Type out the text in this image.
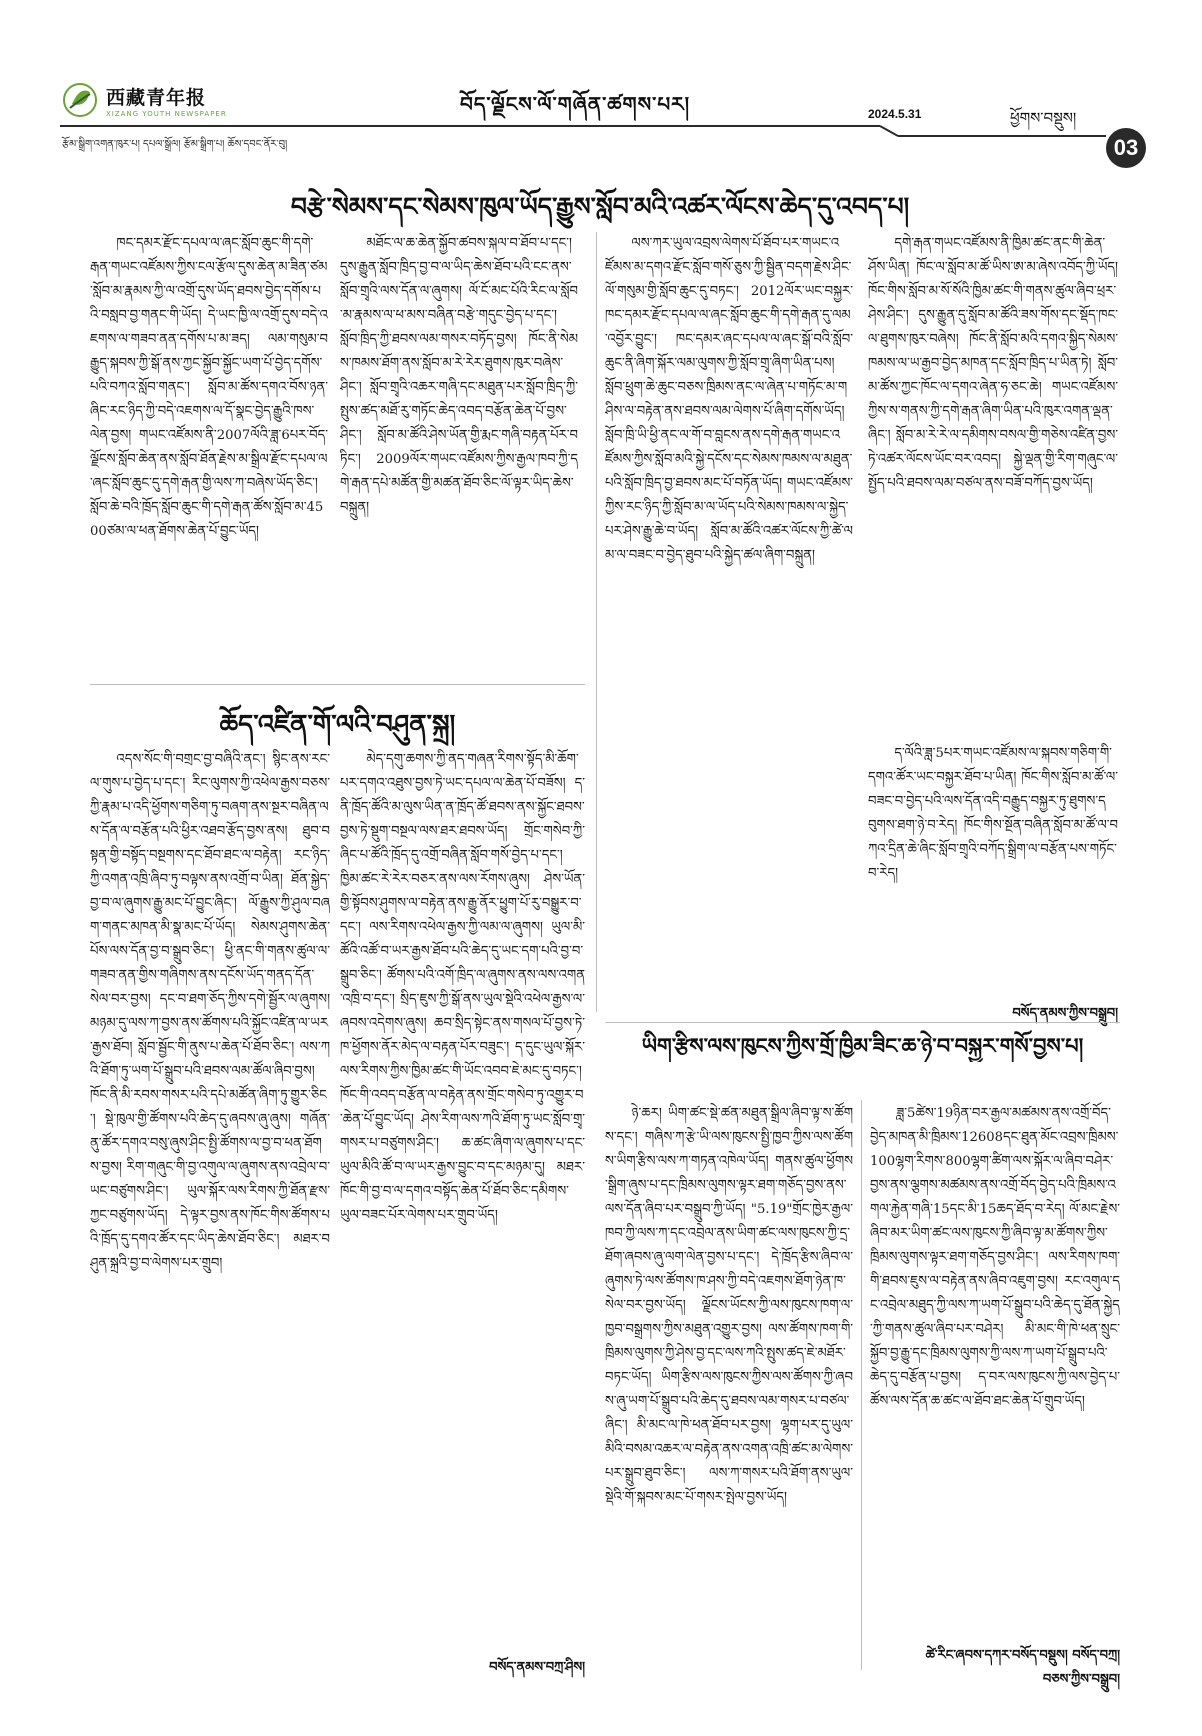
西藏青年报
XIZANG YOUTH NEWSPAPER	བོད་ལྗོངས་ལོ་གཞོན་ཚགས་པར།	2024.5.31	ཕྱོགས་བསྡུས།
03
རྩོམ་སྒྲིག་འགན་ཁུར་པ། དཔལ་སྒྲོལ། རྩོམ་སྒྲིག་པ། ཆོས་དབང་ནོར་བུ།
བརྩེ་སེམས་དང་སེམས་ཁུལ་ཡོད་རྒྱུས་སློབ་མའི་འཚར་ལོངས་ཆེད་དུ་འབད་པ།

ཁང་དམར་རྫོང་དཔལ་ལ་ཞང་སློབ་ཆུང་གི་དགེ་རྒན་གཡང་འཛོམས་ཀྱིས་ངལ་རྩོལ་དུས་ཆེན་མ་ཟིན་ཙམ་སློབ་མ་རྣམས་ཀྱི་ལ་འགྲོ་དུས་ཡོད་ཐབས་བྱེད་དགོས་པའི་བསླབ་བྱ་གནང་གི་ཡོད། དེ་ཡང་ཁྱི་ལ་འགྲོ་དུས་བདེ་འཇགས་ལ་གཟབ་ནན་དགོས་པ་མ་ཟད། ལམ་གསུམ་བརྒྱུད་སྐབས་ཀྱི་སྒོ་ནས་ཀྱང་སྐྱོབ་སྐྱོང་ཡག་པོ་བྱེད་དགོས་པའི་བཀའ་སློབ་གནང་། སློབ་མ་ཚོས་དགའ་བོས་ཉན་ཞིང་རང་ཉིད་ཀྱི་བདེ་འཇགས་ལ་དོ་སྣང་བྱེད་རྒྱུའི་ཁས་ལེན་བྱས། གཡང་འཛོམས་ནི་2007ལོའི་ཟླ་6པར་བོད་ལྗོངས་སློབ་ཆེན་ནས་སློབ་ཐོན་རྗེས་མ་སྒྲིལ་རྫོང་དཔལ་ལ་ཞང་སློབ་ཆུང་དུ་དགེ་རྒན་གྱི་ལས་ཀ་བཞེས་ཡོད་ཅིང་། སློབ་ཆེ་བའི་ཁྲོད་སློབ་ཆུང་གི་དགེ་རྒན་ཚོས་སློབ་མ་4500ཙམ་ལ་ཕན་ཐོགས་ཆེན་པོ་བྱུང་ཡོད།

མཐོང་ལ་ཆ་ཆེན་སྐྱོབ་ཚབས་སྐལ་བ་ཐོབ་པ་དང་། དུས་རྒྱུན་སློབ་ཁྲིད་བྱ་བ་ལ་ཡིད་ཆེས་ཐོབ་པའི་ངང་ནས་སློབ་གྲྭའི་ལས་དོན་ལ་ཞུགས། ལོ་ངོ་མང་པོའི་རིང་ལ་སློབ་མ་རྣམས་ལ་ཕ་མས་བཞིན་བརྩེ་གདུང་བྱེད་པ་དང་། སློབ་ཁྲིད་ཀྱི་ཐབས་ལམ་གསར་བཏོད་བྱས། ཁོང་ནི་སེམས་ཁམས་ཐོག་ནས་སློབ་མ་རེ་རེར་ཐུགས་ཁུར་བཞེས་ཤིང་། སློབ་གྲྭའི་འཆར་གཞི་དང་མཐུན་པར་སློབ་ཁྲིད་ཀྱི་སྤུས་ཚད་མཐོ་རུ་གཏོང་ཆེད་འབད་བརྩོན་ཆེན་པོ་བྱས་ཤིང་། སློབ་མ་ཚོའི་ཤེས་ཡོན་གྱི་རྨང་གཞི་བརྟན་པོར་བཏིང་། 2009ལོར་གཡང་འཛོམས་ཀྱིས་རྒྱལ་ཁབ་ཀྱི་དགེ་རྒན་དཔེ་མཚོན་གྱི་མཚན་ཐོབ་ཅིང་ལོ་ལྟར་ཡིད་ཆེས་བསྐྲུན།

ལས་ཀར་ཡུལ་འབྲས་ལེགས་པོ་ཐོབ་པར་གཡང་འཛོམས་མ་དགའ་རྫོང་སློབ་གསོ་ཅུས་ཀྱི་སྦྱིན་བདག་རྗེས་ཤིང་ལོ་གསུམ་གྱི་སློབ་ཆུང་དུ་བཏང་། 2012ལོར་ཡང་བསྐྱར་ཁང་དམར་རྫོང་དཔལ་ལ་ཞང་སློབ་ཆུང་གི་དགེ་རྒན་དུ་ལམ་འབྱོར་བྱུང་། ཁང་དམར་ཞང་དཔལ་ལ་ཞང་སྒོ་བའི་སློབ་ཆུང་ནི་ཞིག་སྐོར་ལམ་ལུགས་ཀྱི་སློབ་གྲྭ་ཞིག་ཡིན་པས། སློབ་ཕྲུག་ཆེ་ཆུང་བཅས་ཁྲིམས་ནང་ལ་ཞེན་པ་གཏོང་མ་གཤིས་ལ་བརྟེན་ནས་ཐབས་ལམ་ལེགས་པོ་ཞིག་དགོས་ཡོད། སློབ་ཁྲི་ཡི་ཕྱི་ནང་ལ་གོ་བ་བླངས་ནས་དགེ་རྒན་གཡང་འཛོམས་ཀྱིས་སློབ་མའི་སྐྱེ་དངོས་དང་སེམས་ཁམས་ལ་མཐུན་པའི་སློབ་ཁྲིད་བྱ་ཐབས་མང་པོ་བཏོན་ཡོད། གཡང་འཛོམས་ཀྱིས་རང་ཉིད་ཀྱི་སློབ་མ་ལ་ཡོད་པའི་སེམས་ཁམས་ལ་སྐྱེད་པར་ཤེས་རྒྱུ་ཆེ་བ་ཡོད། སློབ་མ་ཚོའི་འཚར་ལོངས་ཀྱི་ཚེ་ལམ་ལ་བཟང་བ་བྱེད་ཐུབ་པའི་སྐྱེད་ཚལ་ཞིག་བསྐྲུན།

དགེ་རྒན་གཡང་འཛོམས་ནི་ཁྱིམ་ཚང་ནང་གི་ཆེན་ཤོས་ཡིན། ཁོང་ལ་སློབ་མ་ཚོ་ཡིས་ཨ་མ་ཞེས་འབོད་ཀྱི་ཡོད། ཁོང་གིས་སློབ་མ་སོ་སོའི་ཁྱིམ་ཚང་གི་གནས་ཚུལ་ཞིབ་ཕྲར་ཤེས་ཤིང་། དུས་རྒྱུན་དུ་སློབ་མ་ཚོའི་ཟས་གོས་དང་སྡོད་ཁང་ལ་ཐུགས་ཁུར་བཞེས། ཁོང་ནི་སློབ་མའི་དགའ་སྐྱིད་སེམས་ཁམས་ལ་ཡ་རྒྱབ་བྱེད་མཁན་དང་སློབ་ཁྲིད་པ་ཡིན་ཏེ། སློབ་མ་ཚོས་ཀྱང་ཁོང་ལ་དགའ་ཞེན་ཧ་ཅང་ཆེ། གཡང་འཛོམས་ཀྱིས་ས་གནས་ཀྱི་དགེ་རྒན་ཞིག་ཡིན་པའི་ཁུར་འགན་ལྡན་ཞིང་། སློབ་མ་རེ་རེ་ལ་དམིགས་བསལ་གྱི་གཅེས་འཛིན་བྱས་ཏེ་འཚར་ལོངས་ཡོང་བར་འབད། སྐྱེ་ལྡན་གྱི་རིག་གཞུང་ལ་སྤྱོད་པའི་ཐབས་ལམ་བཙལ་ནས་བཟོ་བཀོད་བྱས་ཡོད།

ད་ལོའི་ཟླ་5པར་གཡང་འཛོམས་ལ་སྐབས་གཅིག་གི་དགའ་ཚོར་ཡང་བསྐྱར་ཐོབ་པ་ཡིན། ཁོང་གིས་སློབ་མ་ཚོ་ལ་བཟང་བ་བྱེད་པའི་ལས་དོན་འདི་བརྒྱུད་བསྐྱར་ཏུ་ཐུགས་དབུགས་ཐག་ཉེ་བ་རེད། ཁོང་གིས་སྔོན་བཞིན་སློབ་མ་ཚོ་ལ་བཀའ་དྲིན་ཆེ་ཞིང་སློབ་གྲྭའི་བཀོད་སྒྲིག་ལ་བརྩོན་པས་གཏོང་བ་རེད།

བསོད་ནམས་ཀྱིས་བསྒྲུབ།
ཆོད་འཛིན་གོ་ལའི་བཤུན་སྐྲ།

འདས་སོང་གི་བགྲང་བྱ་བཞིའི་ནང་། སྙིང་ནས་རང་ལ་གུས་པ་བྱེད་པ་དང་། རིང་ལུགས་ཀྱི་འཕེལ་རྒྱས་བཅས་ཀྱི་རྣམ་པ་འདི་ཕྱོགས་གཅིག་ཏུ་བཞག་ནས་སྔར་བཞིན་ལས་དོན་ལ་བརྩོན་པའི་ཕྱིར་འཐབ་རྩོད་བྱས་ནས། ཐུབ་བསྟན་གྱི་བསྟོད་བསྔགས་དང་ཐོབ་ཐང་ལ་བརྟེན། རང་ཉིད་ཀྱི་འགན་འཁྲི་ཞིབ་ཏུ་བལྟས་ནས་འགྲོ་བ་ཡིན། ཐོན་སྐྱེད་བྱ་བ་ལ་ཞུགས་རྒྱུ་མང་པོ་བྱུང་ཞིང་། ལོ་རྒྱུས་ཀྱི་ཤུལ་བཞག་གནང་མཁན་མི་སྣ་མང་པོ་ཡོད། སེམས་ཤུགས་ཆེན་པོས་ལས་དོན་བྱ་བ་སྒྲུབ་ཅིང་། ཕྱི་ནང་གི་གནས་ཚུལ་ལ་གཟབ་ནན་གྱིས་གཞིགས་ནས་དངོས་ཡོད་གནད་དོན་སེལ་བར་བྱས། དང་བ་ཐག་ཅོད་ཀྱིས་དགེ་སྦྱོར་ལ་ཞུགས། མཉམ་དུ་ལས་ཀ་བྱས་ནས་ཚོགས་པའི་སྐྱོང་འཛིན་ལ་ཡར་རྒྱས་ཐོབ། སློབ་སྦྱོང་གི་ནུས་པ་ཆེན་པོ་ཐོབ་ཅིང་། ལས་ཀའི་ཐོག་ཏུ་ཡག་པོ་སྒྲུབ་པའི་ཐབས་ལམ་ཚོལ་ཞིབ་བྱས། ཁོང་ནི་མི་རབས་གསར་པའི་དཔེ་མཚོན་ཞིག་ཏུ་གྱུར་ཅིང་། སྡེ་ཁུལ་གྱི་ཚོགས་པའི་ཆེད་དུ་ཞབས་ཞུ་ཞུས། གཞོན་ནུ་ཚོར་དགའ་བསུ་ཞུས་ཤིང་སྤྱི་ཚོགས་ལ་བྱ་བ་ཕན་ཐོགས་བྱས། རིག་གཞུང་གི་བྱ་འགུལ་ལ་ཞུགས་ནས་འབྲེལ་བ་ཡང་བཙུགས་ཤིང་། ཡུལ་སྐོར་ལས་རིགས་ཀྱི་ཐོན་རྫས་ཀྱང་བཙུགས་ཡོད། དེ་ལྟར་བྱས་ནས་ཁོང་གིས་ཚོགས་པའི་ཁྲོད་དུ་དགའ་ཚོར་དང་ཡིད་ཆེས་ཐོབ་ཅིང་། མཐར་བཤུན་སྐྲའི་བྱ་བ་ལེགས་པར་གྲུབ།

མེད་དགུ་ཆགས་ཀྱི་ནད་གཞན་རིགས་སྟོད་མི་ཆོག་པར་དགའ་འཐུས་བྱས་ཏེ་ཡང་དཔལ་ལ་ཆེན་པོ་བཟོས། ད་ནི་ཁྲོད་ཚོའི་མ་ལུས་ཡིན་ན་ཁྲོད་ཚོ་ཐབས་ནས་སྐྱོང་ཐབས་བྱས་ཏེ་སྡུག་བསྔལ་ལས་ཐར་ཐབས་ཡོད། གྲོང་གསེབ་ཀྱི་ཞིང་པ་ཚོའི་ཁྲོད་དུ་འགྲོ་བཞིན་སློབ་གསོ་བྱེད་པ་དང་། ཁྱིམ་ཚང་རེ་རེར་བཅར་ནས་ལས་རོགས་ཞུས། ཤེས་ཡོན་གྱི་སྟོབས་ཤུགས་ལ་བརྟེན་ནས་རྒྱུ་ནོར་ཕྱུག་པོ་རུ་བསྒྱུར་བ་དང་། ལས་རིགས་འཕེལ་རྒྱས་ཀྱི་ལམ་ལ་ཞུགས། ཡུལ་མི་ཚོའི་འཚོ་བ་ཡར་རྒྱས་ཐོབ་པའི་ཆེད་དུ་ཡང་དག་པའི་བྱ་བ་སྒྲུབ་ཅིང་། ཚོགས་པའི་འགོ་ཁྲིད་ལ་ཞུགས་ནས་ལས་འགན་འཁྲི་བ་དང་། སྲིད་ཇུས་ཀྱི་སྒོ་ནས་ཡུལ་སྡེའི་འཕེལ་རྒྱས་ལ་ཞབས་འདེགས་ཞུས། ཆབ་སྲིད་སྟེང་ནས་གསལ་པོ་བྱས་ཏེ་ཁ་ཕྱོགས་ནོར་མེད་ལ་བརྟན་པོར་བཟུང་། ད་དུང་ཡུལ་སྐོར་ལས་རིགས་ཀྱིས་ཁྱིམ་ཚང་གི་ཡོང་འབབ་ཇེ་མང་དུ་བཏང་། ཁོང་གི་འབད་བརྩོན་ལ་བརྟེན་ནས་གྲོང་གསེབ་ཏུ་འགྱུར་བ་ཆེན་པོ་བྱུང་ཡོད། ཤེས་རིག་ལས་ཀའི་ཐོག་ཏུ་ཡང་སློབ་གྲྭ་གསར་པ་བཙུགས་ཤིང་། ཆ་ཚང་ཞིག་ལ་ཞུགས་པ་དང་ཡུལ་མིའི་ཚོ་བ་ལ་ཡར་རྒྱས་བྱུང་བ་དང་མཉམ་དུ། མཐར་ཁོང་གི་བྱ་བ་ལ་དགའ་བསྟོད་ཆེན་པོ་ཐོབ་ཅིང་དམིགས་ཡུལ་བཟང་པོར་ལེགས་པར་གྲུབ་ཡོད།

བསོད་ནམས་བཀྲ་ཤིས།
ཡིག་རྩིས་ལས་ཁུངས་ཀྱིས་གྲོ་ཁྱིམ་ཟིང་ཆ་ཉེ་བ་བསྐྱར་གསོ་བྱས་པ།

ཉེ་ཆར། ཡིག་ཚང་སྡེ་ཚན་མཐུན་སྒྲིལ་ཞིབ་ལྟ་ས་ཚོགས་དང་། གཞིས་ཀ་རྩེ་ཡི་ལས་ཁུངས་སྤྱི་ཁྱབ་ཀྱིས་ལས་ཚོགས་ཡིག་རྩིས་ལས་ཀ་གཏན་འཁེལ་ཡོད། གནས་ཚུལ་ཕྱོགས་སྒྲིག་ཞུས་པ་དང་ཁྲིམས་ལུགས་ལྟར་ཐག་གཅོད་བྱས་ནས་ལས་དོན་ཞིབ་པར་བསྒྲུབ་ཀྱི་ཡོད། "5.19"གྲོང་ཁྱེར་རྒྱལ་ཁབ་ཀྱི་ལས་ཀ་དང་འབྲེལ་ནས་ཡིག་ཚང་ལས་ཁུངས་ཀྱི་དྲ་ཐོག་ཞབས་ཞུ་ལག་ལེན་བྱས་པ་དང་། དེ་ཁྲོད་རྩིས་ཞིབ་ལ་ཞུགས་ཏེ་ལས་ཚོགས་ཁ་ཤས་ཀྱི་བདེ་འཇགས་ཐོག་ཉེན་ཁ་སེལ་བར་བྱས་ཡོད། ལྗོངས་ཡོངས་ཀྱི་ལས་ཁུངས་ཁག་ལ་ཁྱབ་བསྒྲགས་ཀྱིས་མཐུན་འགྱུར་བྱས། ལས་ཚོགས་ཁག་གི་ཁྲིམས་ལུགས་ཀྱི་ཤེས་བྱ་དང་ལས་ཀའི་སྤུས་ཚད་ཇེ་མཐོར་བཏང་ཡོད། ཡིག་རྩིས་ལས་ཁུངས་ཀྱིས་ལས་ཚོགས་ཀྱི་ཞབས་ཞུ་ཡག་པོ་སྒྲུབ་པའི་ཆེད་དུ་ཐབས་ལམ་གསར་པ་བཙལ་ཞིང་། མི་མང་ལ་ཁེ་ཕན་ཐོབ་པར་བྱས། ལྷག་པར་དུ་ཡུལ་མིའི་བསམ་འཆར་ལ་བརྟེན་ནས་འགན་འཁྲི་ཚང་མ་ལེགས་པར་སྒྲུབ་ཐུབ་ཅིང་། ལས་ཀ་གསར་པའི་ཐོག་ནས་ཡུལ་སྡེའི་གོ་སྐབས་མང་པོ་གསར་སྤེལ་བྱས་ཡོད།

ཟླ་5ཚེས་19ཉིན་བར་རྒྱལ་མཚམས་ནས་འགྲོ་བོད་བྱེད་མཁན་མི་ཁྲིམས་12608དང་ཐུན་མོང་འབྲས་ཁྲིམས་100ལྷག་རིགས་800ལྷག་ཚིག་ལས་སྐོར་ལ་ཞིབ་བཤེར་བྱས་ནས་ལྕགས་མཚམས་ནས་འགྲོ་བོད་བྱེད་པའི་ཁྲིམས་འགལ་རྐྱེན་གཞི་15དང་མི་15ཆད་ཐོད་བ་རེད། ལོ་མང་རྗེས་ཞིབ་མར་ཡིག་ཚང་ལས་ཁུངས་ཀྱི་ཞིབ་ལྟ་མ་ཚོགས་ཀྱིས་ཁྲིམས་ལུགས་ལྟར་ཐག་གཅོད་བྱས་ཤིང་། ལས་རིགས་ཁག་གི་ཐབས་ཇུས་ལ་བརྟེན་ནས་ཞིབ་འཇུག་བྱས། རང་འགུལ་དང་འབྲེལ་མཐུད་ཀྱི་ལས་ཀ་ཡག་པོ་སྒྲུབ་པའི་ཆེད་དུ་ཐོན་སྐྱེད་ཀྱི་གནས་ཚུལ་ཞིབ་པར་བཤེར། མི་མང་གི་ཁེ་ཕན་སྲུང་སྐྱོབ་བྱ་རྒྱུ་དང་ཁྲིམས་ལུགས་ཀྱི་ལས་ཀ་ཡག་པོ་སྒྲུབ་པའི་ཆེད་དུ་བརྩོན་པ་བྱས། ད་བར་ལས་ཁུངས་ཀྱི་ལས་བྱེད་པ་ཚོས་ལས་དོན་ཆ་ཚང་ལ་ཐོབ་ཐང་ཆེན་པོ་གྲུབ་ཡོད།

ཚེ་རིང་ཞབས་དཀར་བསོད་བསྡུས། བསོད་བཀྲ།
བཅས་ཀྱིས་བསྒྲུབ།
